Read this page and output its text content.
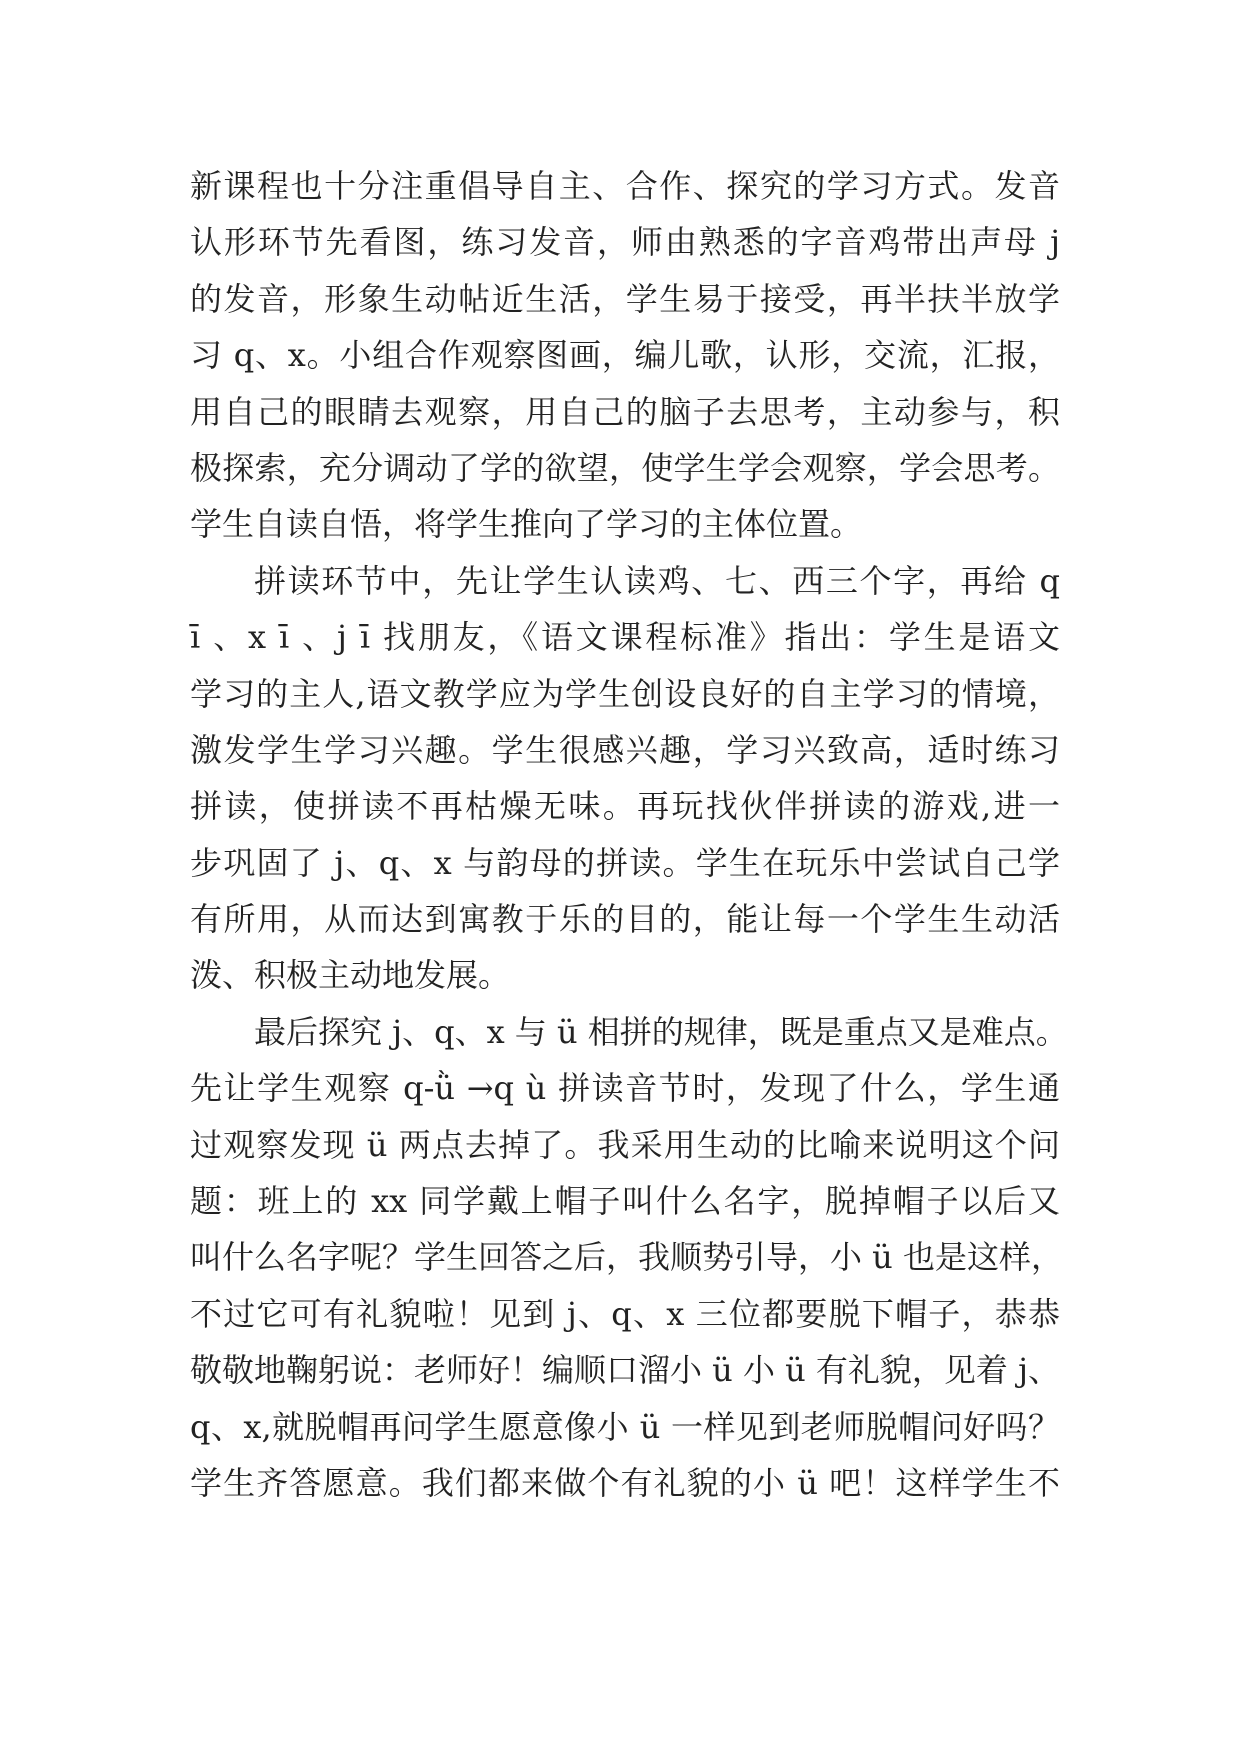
新课程也十分注重倡导自主、合作、探究的学习方式。发音
认形环节先看图，练习发音，师由熟悉的字音鸡带出声母 j
的发音，形象生动帖近生活，学生易于接受，再半扶半放学
习 q、x。小组合作观察图画，编儿歌，认形，交流，汇报，
用自己的眼睛去观察，用自己的脑子去思考，主动参与，积
极探索，充分调动了学的欲望，使学生学会观察，学会思考。
学生自读自悟，将学生推向了学习的主体位置。
拼读环节中，先让学生认读鸡、七、西三个字，再给 q
ī 、x ī 、j ī 找朋友，《语文课程标准》指出：学生是语文
学习的主人,语文教学应为学生创设良好的自主学习的情境，
激发学生学习兴趣。学生很感兴趣，学习兴致高，适时练习
拼读，使拼读不再枯燥无味。再玩找伙伴拼读的游戏,进一
步巩固了 j、q、x 与韵母的拼读。学生在玩乐中尝试自己学
有所用，从而达到寓教于乐的目的，能让每一个学生生动活
泼、积极主动地发展。
最后探究 j、q、x 与 ü 相拼的规律，既是重点又是难点。
先让学生观察 q-ǜ →q ù 拼读音节时，发现了什么，学生通
过观察发现 ü 两点去掉了。我采用生动的比喻来说明这个问
题：班上的 xx 同学戴上帽子叫什么名字，脱掉帽子以后又
叫什么名字呢？学生回答之后，我顺势引导，小 ü 也是这样，
不过它可有礼貌啦！见到 j、q、x 三位都要脱下帽子，恭恭
敬敬地鞠躬说：老师好！编顺口溜小 ü 小 ü 有礼貌，见着 j、
q、x,就脱帽再问学生愿意像小 ü 一样见到老师脱帽问好吗？
学生齐答愿意。我们都来做个有礼貌的小 ü 吧！这样学生不
